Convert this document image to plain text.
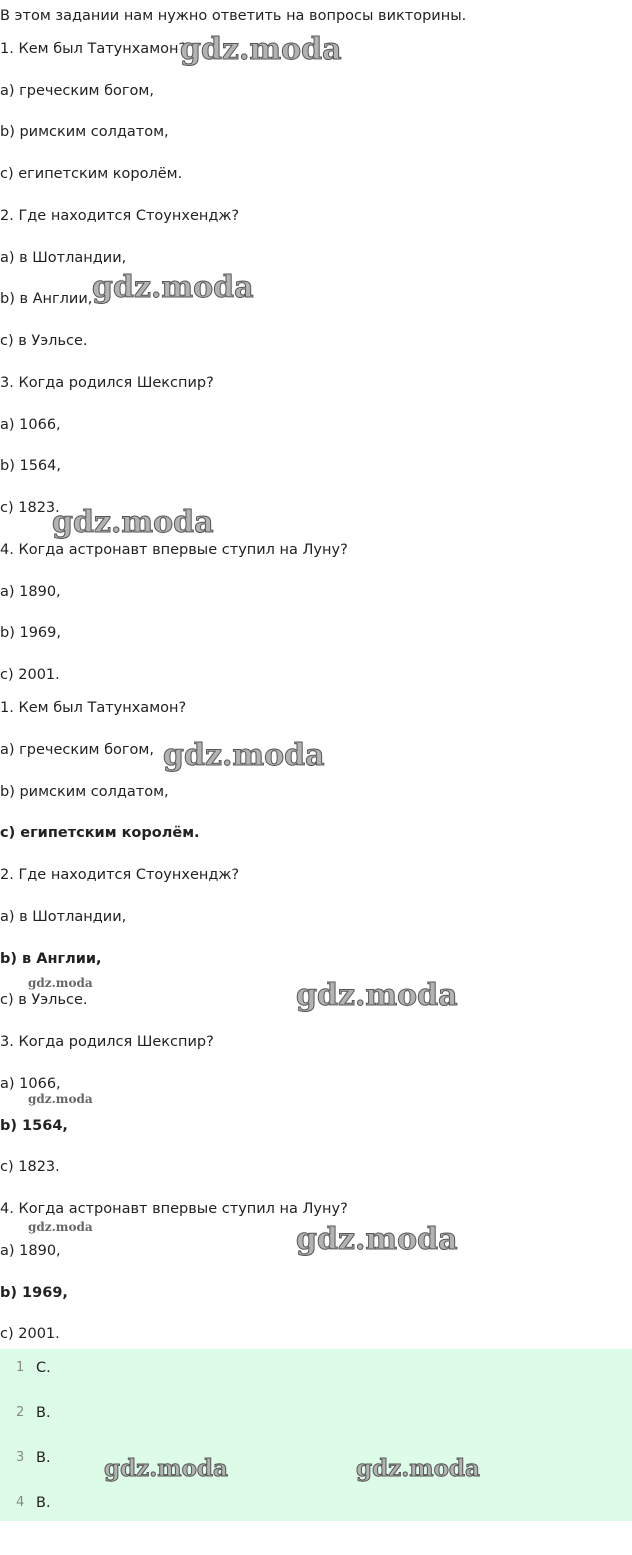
В этом задании нам нужно ответить на вопросы викторины.
1. Кем был Татунхамон?
a) греческим богом,
b) римским солдатом,
c) египетским королём.
2. Где находится Стоунхендж?
a) в Шотландии,
b) в Англии,
c) в Уэльсе.
3. Когда родился Шекспир?
a) 1066,
b) 1564,
c) 1823.
4. Когда астронавт впервые ступил на Луну?
a) 1890,
b) 1969,
c) 2001.
1. Кем был Татунхамон?
a) греческим богом,
b) римским солдатом,
c) египетским королём.
2. Где находится Стоунхендж?
a) в Шотландии,
b) в Англии,
c) в Уэльсе.
3. Когда родился Шекспир?
a) 1066,
b) 1564,
c) 1823.
4. Когда астронавт впервые ступил на Луну?
a) 1890,
b) 1969,
c) 2001.
1 C.
2 B.
3 B.
4 B.
gdz.moda
gdz.moda
gdz.moda
gdz.moda
gdz.moda	gdz.moda
gdz.moda
gdz.moda	gdz.moda
gdz.moda	gdz.moda
